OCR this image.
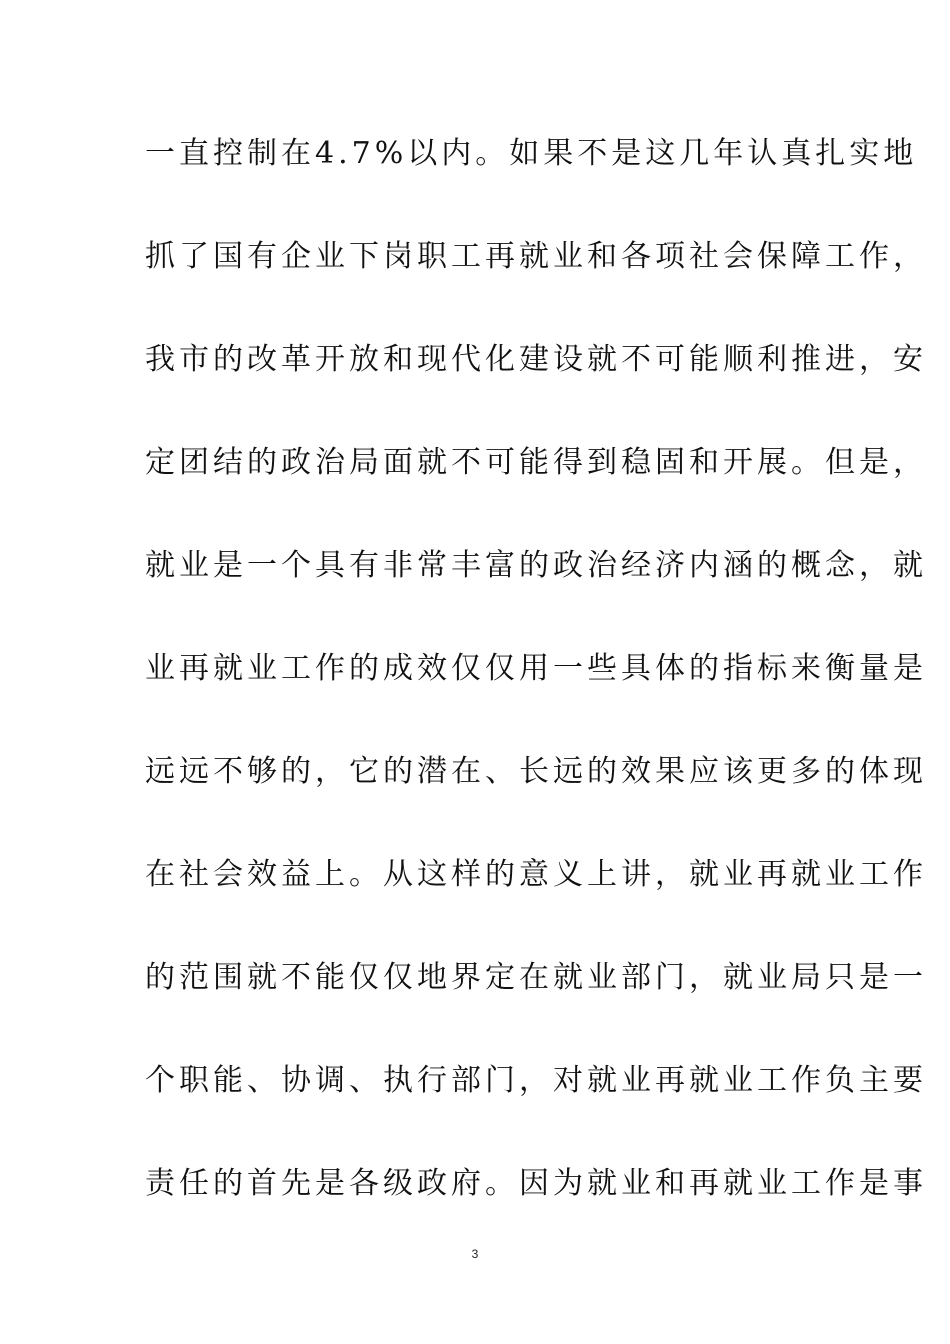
一直控制在4.7%以内。如果不是这几年认真扎实地
抓了国有企业下岗职工再就业和各项社会保障工作，
我市的改革开放和现代化建设就不可能顺利推进，安
定团结的政治局面就不可能得到稳固和开展。但是，
就业是一个具有非常丰富的政治经济内涵的概念，就
业再就业工作的成效仅仅用一些具体的指标来衡量是
远远不够的，它的潜在、长远的效果应该更多的体现
在社会效益上。从这样的意义上讲，就业再就业工作
的范围就不能仅仅地界定在就业部门，就业局只是一
个职能、协调、执行部门，对就业再就业工作负主要
责任的首先是各级政府。因为就业和再就业工作是事
3
